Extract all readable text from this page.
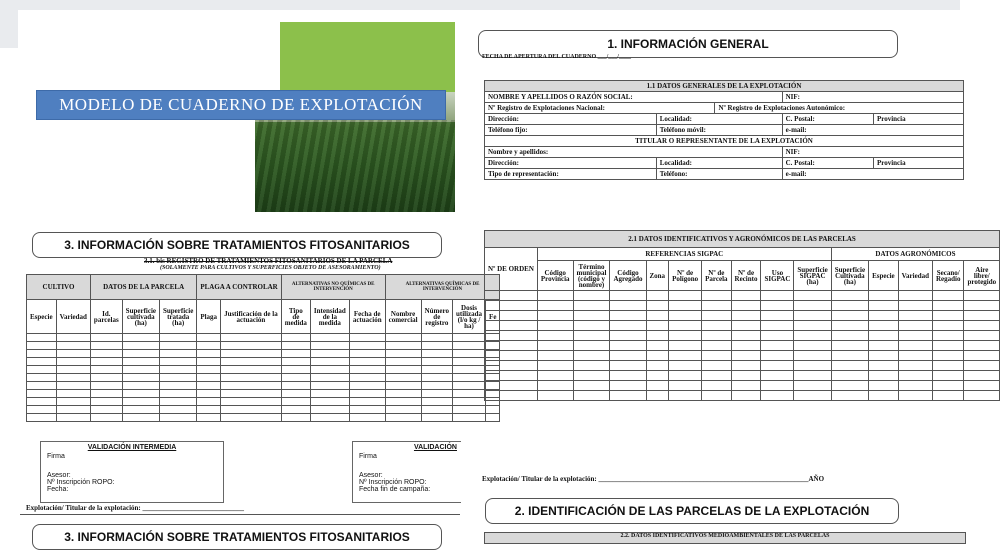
MODELO DE CUADERNO DE EXPLOTACIÓN
1. INFORMACIÓN GENERAL
FECHA DE APERTURA DEL CUADERNO ___/___/____
1.1 DATOS GENERALES DE LA EXPLOTACIÓN				
NOMBRE Y APELLIDOS O RAZÓN SOCIAL:			NIF:	
Nº Registro de Explotaciones Nacional:		Nº Registro de Explotaciones Autonómico:		
Dirección:	Localidad:		C. Postal:	Provincia
Teléfono fijo:	Teléfono móvil:		e-mail:	
TITULAR O REPRESENTANTE DE LA EXPLOTACIÓN				
Nombre y apellidos:			NIF:	
Dirección:	Localidad:		C. Postal:	Provincia
Tipo de representación:	Teléfono:		e-mail:	
3. INFORMACIÓN SOBRE TRATAMIENTOS FITOSANITARIOS
3.1. bis REGISTRO DE TRATAMIENTOS FITOSANITARIOS DE LA PARCELA
(SOLAMENTE PARA CULTIVOS Y SUPERFICIES OBJETO DE ASESORAMIENTO)
CULTIVO		DATOS DE LA PARCELA			PLAGA A CONTROLAR		ALTERNATIVAS NO QUÍMICAS DE INTERVENCIÓN			ALTERNATIVAS QUÍMICAS DE INTERVENCIÓN			
Especie	Variedad	Id. parcelas	Superficie cultivada (ha)	Superficie tratada (ha)	Plaga	Justificación de la actuación	Tipo de medida	Intensidad de la medida	Fecha de actuación	Nombre comercial	Número de registro	Dosis utilizada (l/o kg / ha)	Fe

VALIDACIÓN INTERMEDIA
Firma
Asesor:
Nº Inscripción ROPO:
Fecha:
VALIDACIÓN
Firma
Asesor:
Nº Inscripción ROPO:
Fecha fin de campaña:
Explotación/ Titular de la explotación: _____________________________
3. INFORMACIÓN SOBRE TRATAMIENTOS FITOSANITARIOS
2.1 DATOS IDENTIFICATIVOS Y AGRONÓMICOS DE LAS PARCELAS														
Nº DE ORDEN	REFERENCIAS SIGPAC									DATOS AGRONÓMICOS				
	Código Provincia	Término municipal (código y nombre)	Código Agregado	Zona	Nº de Polígono	Nº de Parcela	Nº de Recinto	Uso SIGPAC	Superficie SIGPAC (ha)	Superficie Cultivada (ha)	Especie	Variedad	Secano/ Regadío	Aire libre/ protegido

Explotación/ Titular de la explotación: ____________________________________________________________AÑO
2. IDENTIFICACIÓN DE LAS PARCELAS DE LA EXPLOTACIÓN
2.2. DATOS IDENTIFICATIVOS MEDIOAMBIENTALES DE LAS PARCELAS
